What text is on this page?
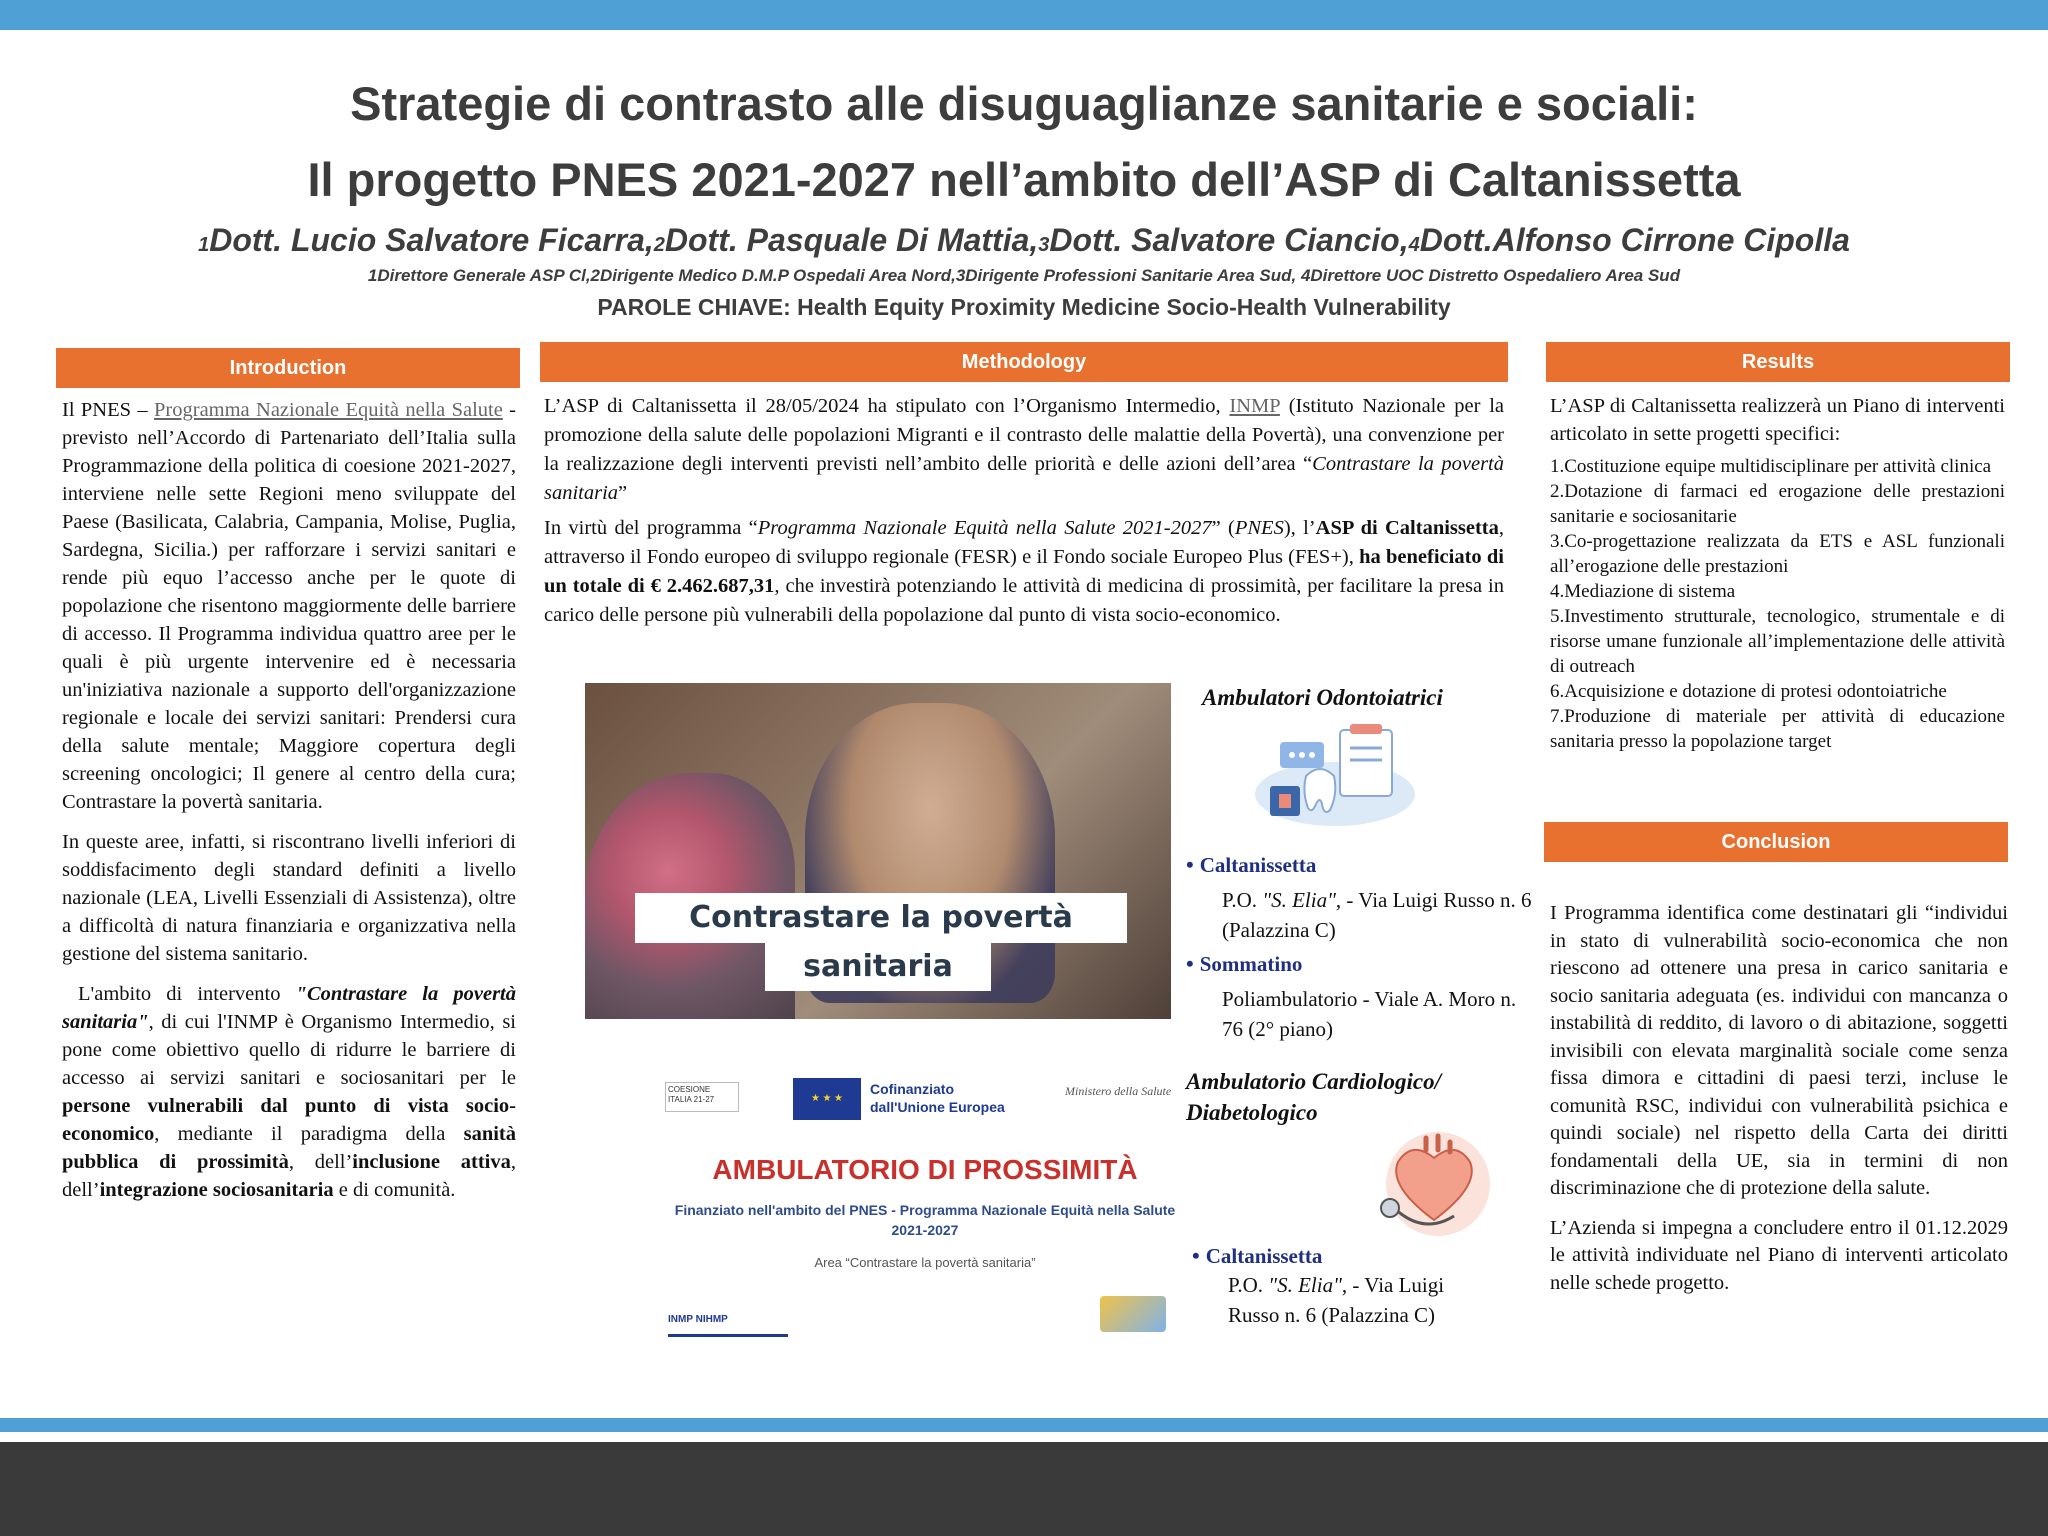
Strategie di contrasto alle disuguaglianze sanitarie e sociali:
Il progetto PNES 2021-2027 nell’ambito dell’ASP di Caltanissetta
1Dott. Lucio Salvatore Ficarra,2Dott. Pasquale Di Mattia,3Dott. Salvatore Ciancio,4Dott.Alfonso Cirrone Cipolla
1Direttore Generale ASP Cl,2Dirigente Medico D.M.P Ospedali Area Nord,3Dirigente Professioni Sanitarie Area Sud, 4Direttore UOC Distretto Ospedaliero Area Sud
PAROLE CHIAVE: Health Equity Proximity Medicine Socio-Health Vulnerability
Introduction

Il PNES – Programma Nazionale Equità nella Salute - previsto nell’Accordo di Partenariato dell’Italia sulla Programmazione della politica di coesione 2021-2027, interviene nelle sette Regioni meno sviluppate del Paese (Basilicata, Calabria, Campania, Molise, Puglia, Sardegna, Sicilia.) per rafforzare i servizi sanitari e rende più equo l’accesso anche per le quote di popolazione che risentono maggiormente delle barriere di accesso. Il Programma individua quattro aree per le quali è più urgente intervenire ed è necessaria un'iniziativa nazionale a supporto dell'organizzazione regionale e locale dei servizi sanitari: Prendersi cura della salute mentale; Maggiore copertura degli screening oncologici; Il genere al centro della cura; Contrastare la povertà sanitaria.

In queste aree, infatti, si riscontrano livelli inferiori di soddisfacimento degli standard definiti a livello nazionale (LEA, Livelli Essenziali di Assistenza), oltre a difficoltà di natura finanziaria e organizzativa nella gestione del sistema sanitario.

L'ambito di intervento "Contrastare la povertà sanitaria", di cui l'INMP è Organismo Intermedio, si pone come obiettivo quello di ridurre le barriere di accesso ai servizi sanitari e sociosanitari per le persone vulnerabili dal punto di vista socio-economico, mediante il paradigma della sanità pubblica di prossimità, dell’inclusione attiva, dell’integrazione sociosanitaria e di comunità.

Methodology

L’ASP di Caltanissetta il 28/05/2024 ha stipulato con l’Organismo Intermedio, INMP (Istituto Nazionale per la promozione della salute delle popolazioni Migranti e il contrasto delle malattie della Povertà), una convenzione per la realizzazione degli interventi previsti nell’ambito delle priorità e delle azioni dell’area “Contrastare la povertà sanitaria”

In virtù del programma “Programma Nazionale Equità nella Salute 2021-2027” (PNES), l’ASP di Caltanissetta, attraverso il Fondo europeo di sviluppo regionale (FESR) e il Fondo sociale Europeo Plus (FES+), ha beneficiato di un totale di € 2.462.687,31, che investirà potenziando le attività di medicina di prossimità, per facilitare la presa in carico delle persone più vulnerabili della popolazione dal punto di vista socio-economico.

Contrastare la povertà
sanitaria
Ambulatori Odontoiatrici
• Caltanissetta
P.O. "S. Elia", - Via Luigi Russo n. 6 (Palazzina C)
• Sommatino
Poliambulatorio - Viale A. Moro n. 76 (2° piano)
Ambulatorio Cardiologico/ Diabetologico
• Caltanissetta
P.O. "S. Elia", - Via Luigi Russo n. 6 (Palazzina C)
COESIONE ITALIA 21-27	★ ★ ★
Cofinanziato dall'Unione Europea
Ministero della Salute
AMBULATORIO DI PROSSIMITÀ
Finanziato nell'ambito del PNES - Programma Nazionale Equità nella Salute 2021-2027
Area “Contrastare la povertà sanitaria”
INMP NIHMP
Results
L’ASP di Caltanissetta realizzerà un Piano di interventi articolato in sette progetti specifici:
1.Costituzione equipe multidisciplinare per attività clinica
2.Dotazione di farmaci ed erogazione delle prestazioni sanitarie e sociosanitarie
3.Co-progettazione realizzata da ETS e ASL funzionali all’erogazione delle prestazioni
4.Mediazione di sistema
5.Investimento strutturale, tecnologico, strumentale e di risorse umane funzionale all’implementazione delle attività di outreach
6.Acquisizione e dotazione di protesi odontoiatriche
7.Produzione di materiale per attività di educazione sanitaria presso la popolazione target
Conclusion

I Programma identifica come destinatari gli “individui in stato di vulnerabilità socio-economica che non riescono ad ottenere una presa in carico sanitaria e socio sanitaria adeguata (es. individui con mancanza o instabilità di reddito, di lavoro o di abitazione, soggetti invisibili con elevata marginalità sociale come senza fissa dimora e cittadini di paesi terzi, incluse le comunità RSC, individui con vulnerabilità psichica e quindi sociale) nel rispetto della Carta dei diritti fondamentali della UE, sia in termini di non discriminazione che di protezione della salute.

L’Azienda si impegna a concludere entro il 01.12.2029 le attività individuate nel Piano di interventi articolato nelle schede progetto.
